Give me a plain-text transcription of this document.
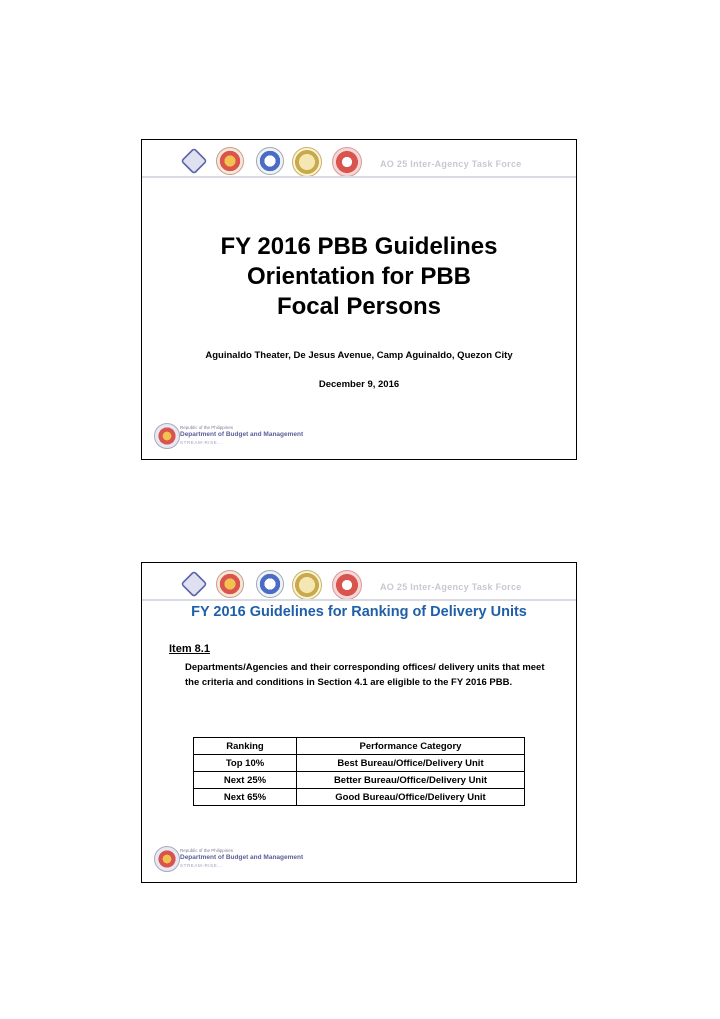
AO 25 Inter-Agency Task Force
FY 2016 PBB Guidelines
Orientation for PBB
Focal Persons
Aguinaldo Theater, De Jesus Avenue, Camp Aguinaldo, Quezon City
December 9, 2016
Republic of the Philippines
Department of Budget and Management
STREAM-RISE...
AO 25 Inter-Agency Task Force
FY 2016 Guidelines for Ranking of Delivery Units
Item 8.1
Departments/Agencies and their corresponding offices/ delivery units that meet the criteria and conditions in Section 4.1 are eligible to the FY 2016 PBB.
Ranking	Performance Category
Top 10%	Best Bureau/Office/Delivery Unit
Next 25%	Better Bureau/Office/Delivery Unit
Next 65%	Good Bureau/Office/Delivery Unit
Republic of the Philippines
Department of Budget and Management
STREAM-RISE...
